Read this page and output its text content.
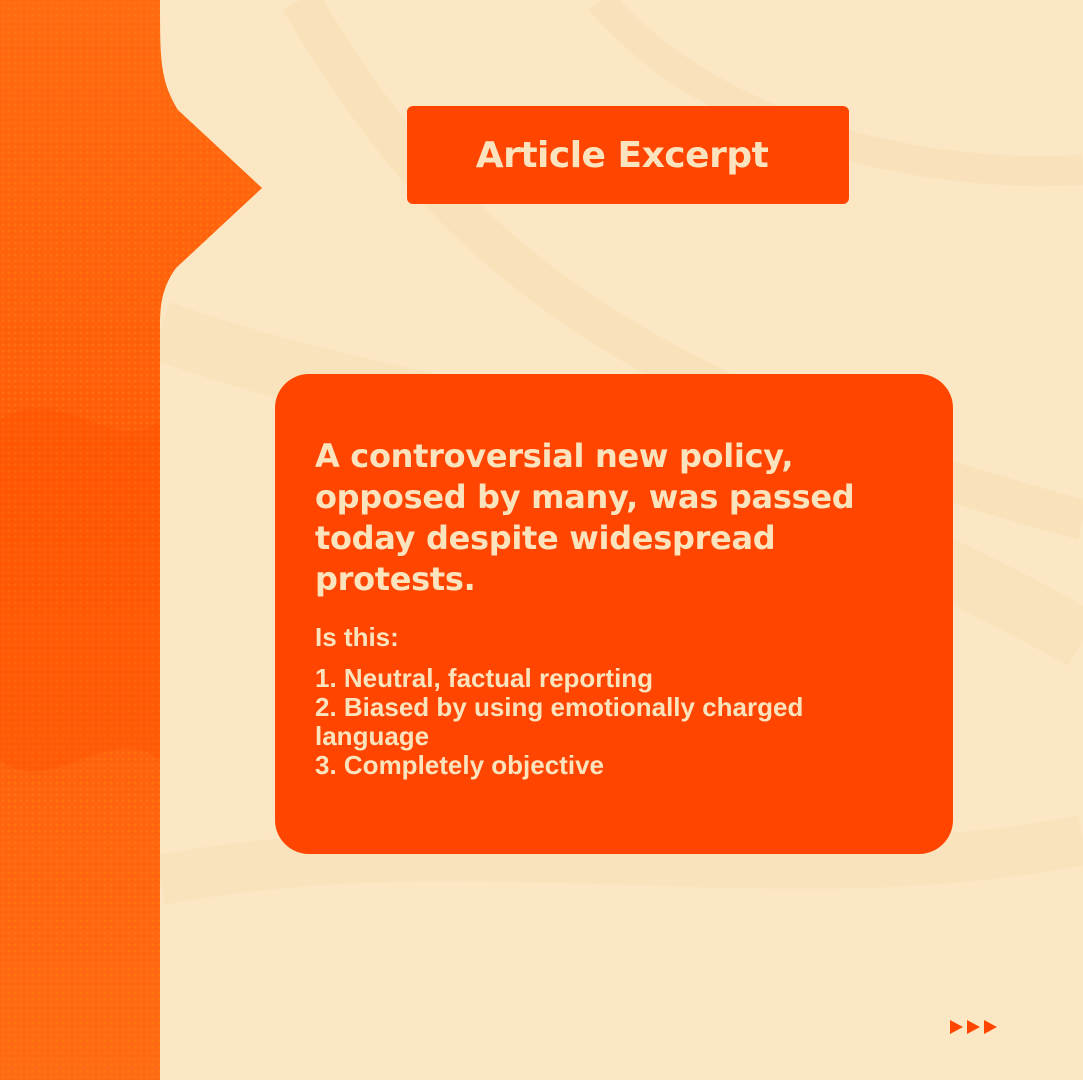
Article Excerpt

A controversial new policy, opposed by many, was passed today despite widespread protests.

Is this:

1. Neutral, factual reporting
2. Biased by using emotionally charged language
3. Completely objective
